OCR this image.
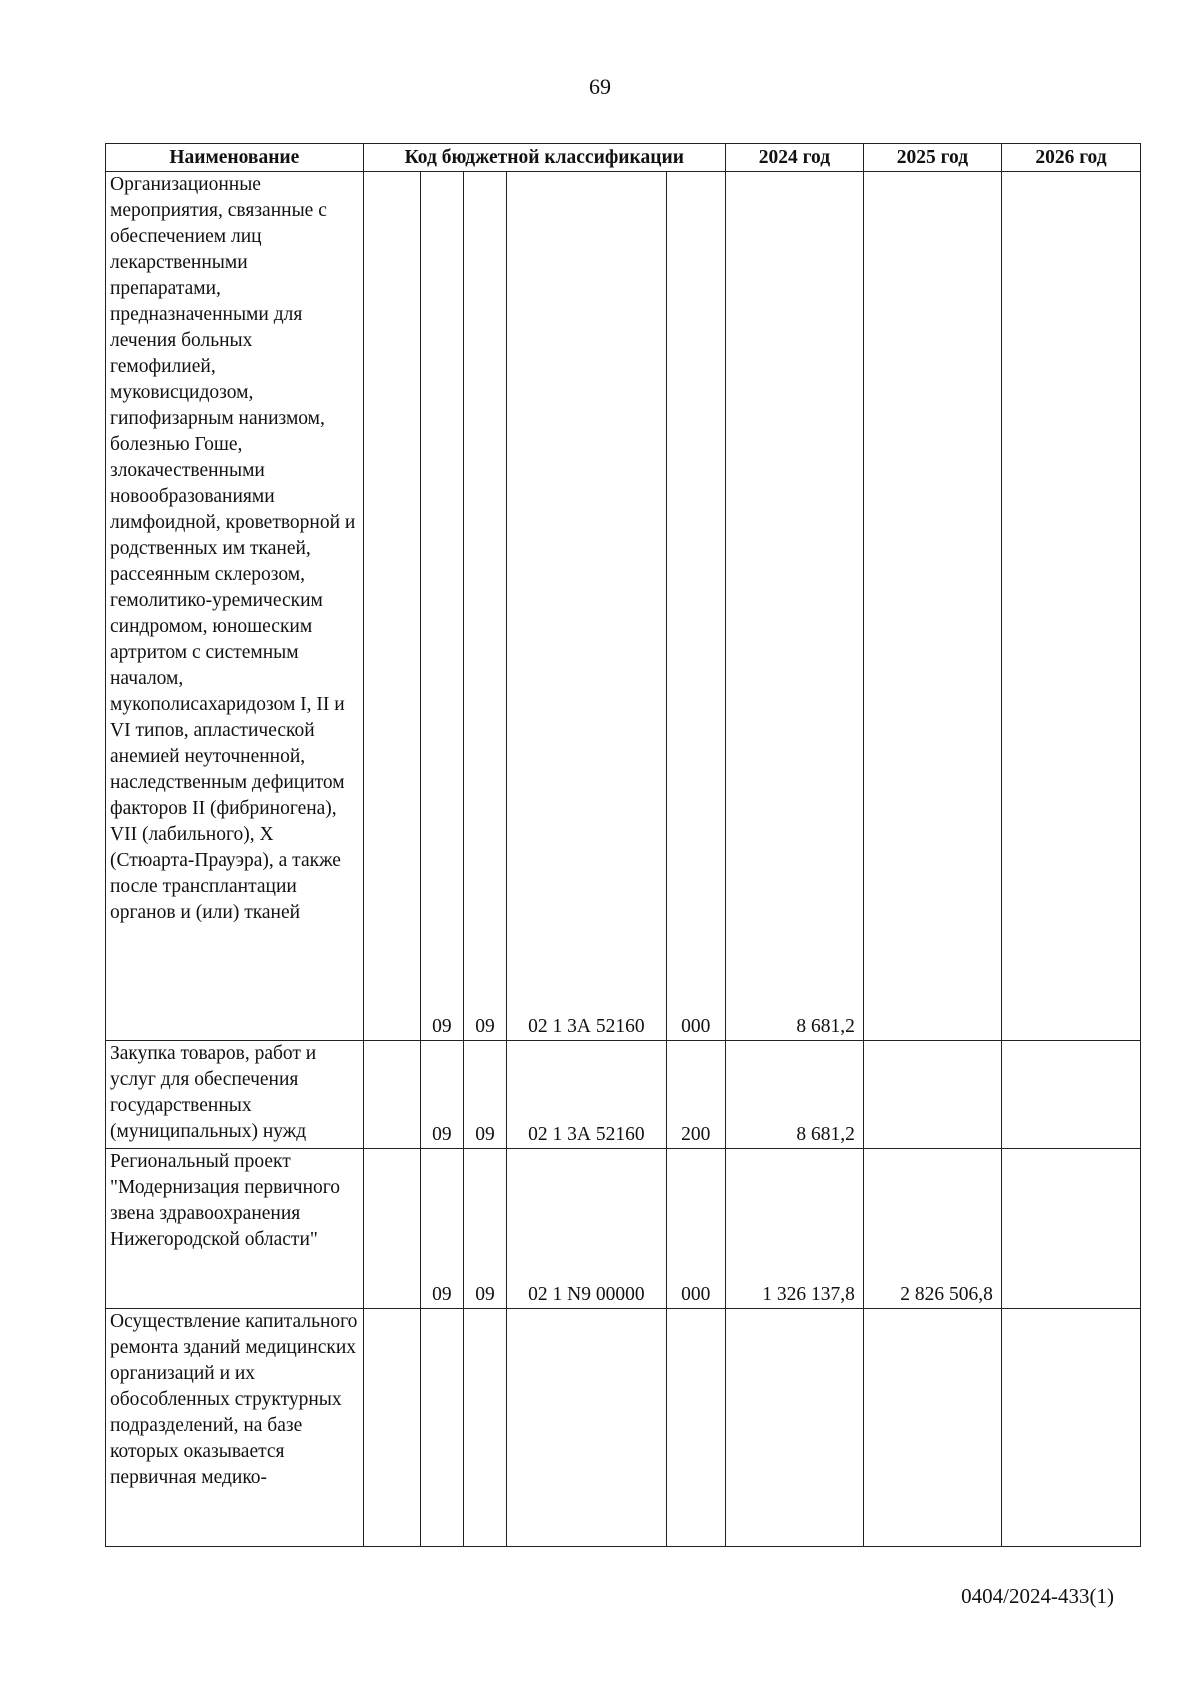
69
Наименование	Код бюджетной классификации					2024 год	2025 год	2026 год
Организационные мероприятия, связанные с обеспечением лиц лекарственными препаратами, предназначенными для лечения больных гемофилией, муковисцидозом, гипофизарным нанизмом, болезнью Гоше, злокачественными новообразованиями лимфоидной, кроветворной и родственных им тканей, рассеянным склерозом, гемолитико-уремическим синдромом, юношеским артритом с системным началом, мукополисахаридозом I, II и VI типов, апластической анемией неуточненной, наследственным дефицитом факторов II (фибриногена), VII (лабильного), X (Стюарта-Прауэра), а также после трансплантации органов и (или) тканей		09	09	02 1 3А 52160	000	8 681,2		
Закупка товаров, работ и услуг для обеспечения государственных (муниципальных) нужд		09	09	02 1 3А 52160	200	8 681,2		
Региональный проект "Модернизация первичного звена здравоохранения Нижегородской области"		09	09	02 1 N9 00000	000	1 326 137,8	2 826 506,8	
Осуществление капитального ремонта зданий медицинских организаций и их обособленных структурных подразделений, на базе которых оказывается первичная медико-								
0404/2024-433(1)
